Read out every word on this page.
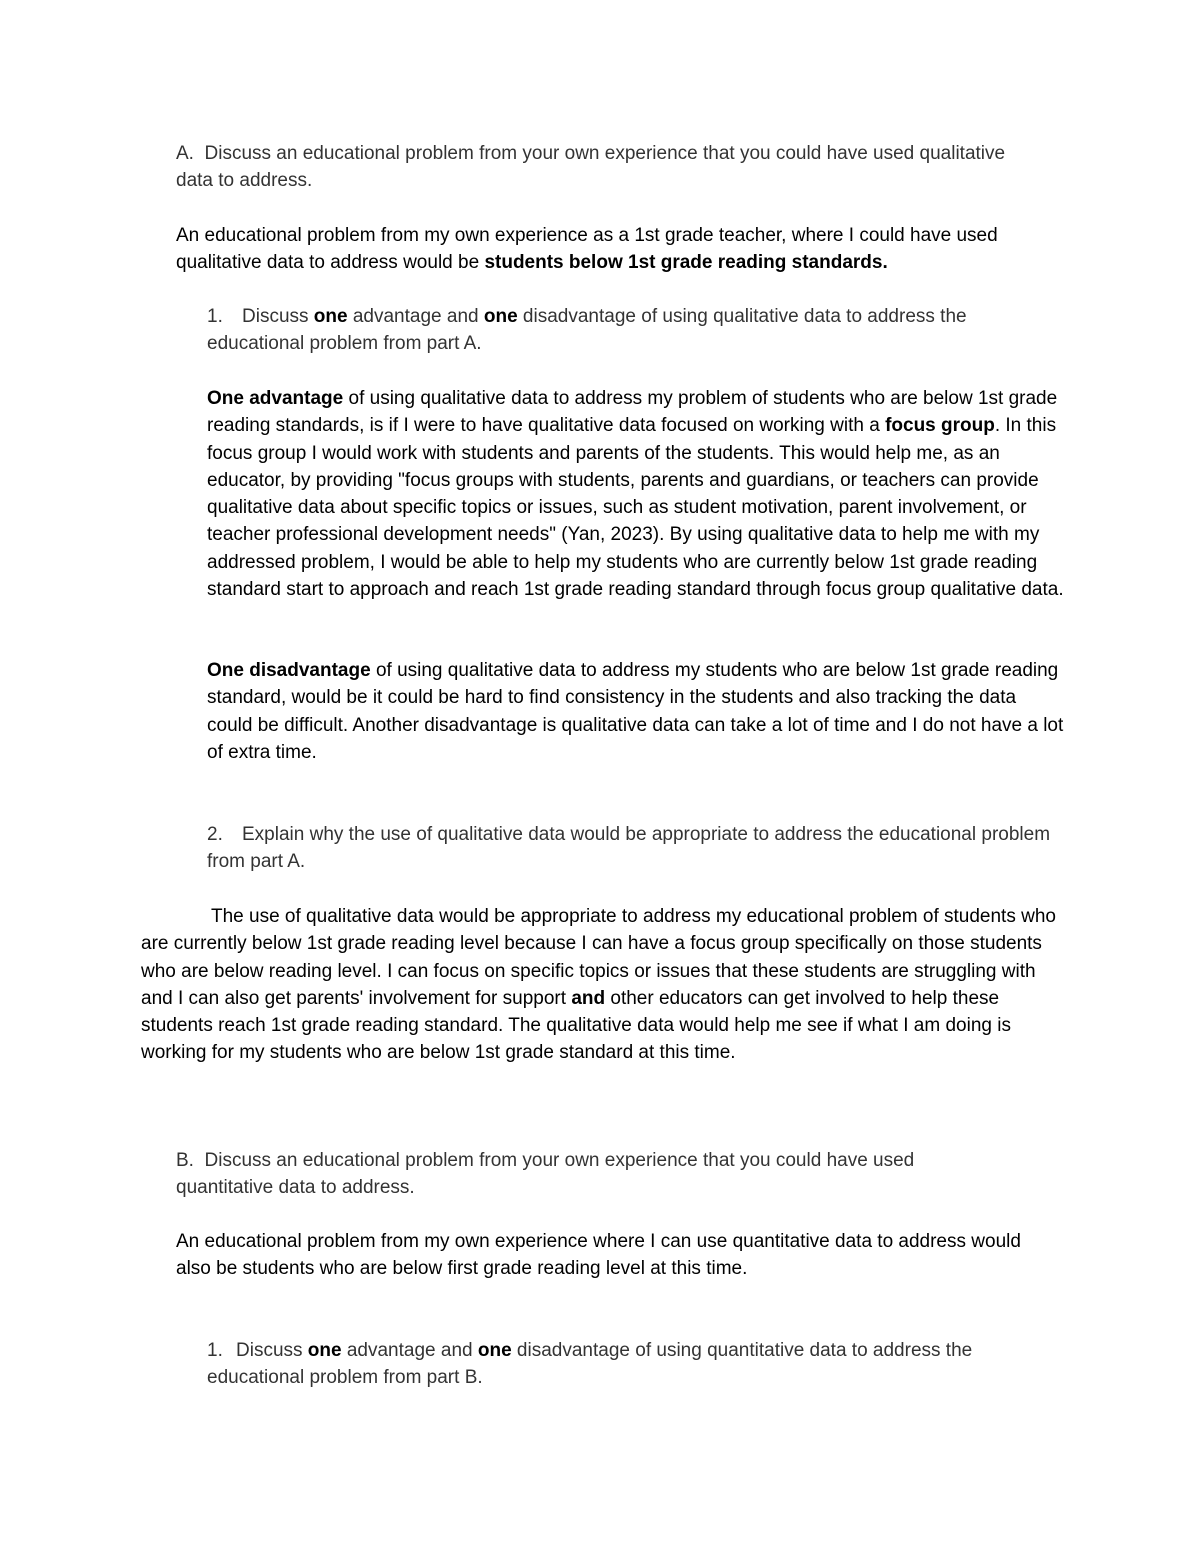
A. Discuss an educational problem from your own experience that you could have used qualitative data to address.

An educational problem from my own experience as a 1st grade teacher, where I could have used qualitative data to address would be students below 1st grade reading standards.

1. Discuss one advantage and one disadvantage of using qualitative data to address the educational problem from part A.

One advantage of using qualitative data to address my problem of students who are below 1st grade reading standards, is if I were to have qualitative data focused on working with a focus group. In this focus group I would work with students and parents of the students. This would help me, as an educator, by providing "focus groups with students, parents and guardians, or teachers can provide qualitative data about specific topics or issues, such as student motivation, parent involvement, or teacher professional development needs" (Yan, 2023). By using qualitative data to help me with my addressed problem, I would be able to help my students who are currently below 1st grade reading standard start to approach and reach 1st grade reading standard through focus group qualitative data.

One disadvantage of using qualitative data to address my students who are below 1st grade reading standard, would be it could be hard to find consistency in the students and also tracking the data could be difficult. Another disadvantage is qualitative data can take a lot of time and I do not have a lot of extra time.

2. Explain why the use of qualitative data would be appropriate to address the educational problem from part A.

The use of qualitative data would be appropriate to address my educational problem of students who are currently below 1st grade reading level because I can have a focus group specifically on those students who are below reading level. I can focus on specific topics or issues that these students are struggling with and I can also get parents' involvement for support and other educators can get involved to help these students reach 1st grade reading standard. The qualitative data would help me see if what I am doing is working for my students who are below 1st grade standard at this time.

B. Discuss an educational problem from your own experience that you could have used quantitative data to address.

An educational problem from my own experience where I can use quantitative data to address would also be students who are below first grade reading level at this time.

1. Discuss one advantage and one disadvantage of using quantitative data to address the educational problem from part B.
